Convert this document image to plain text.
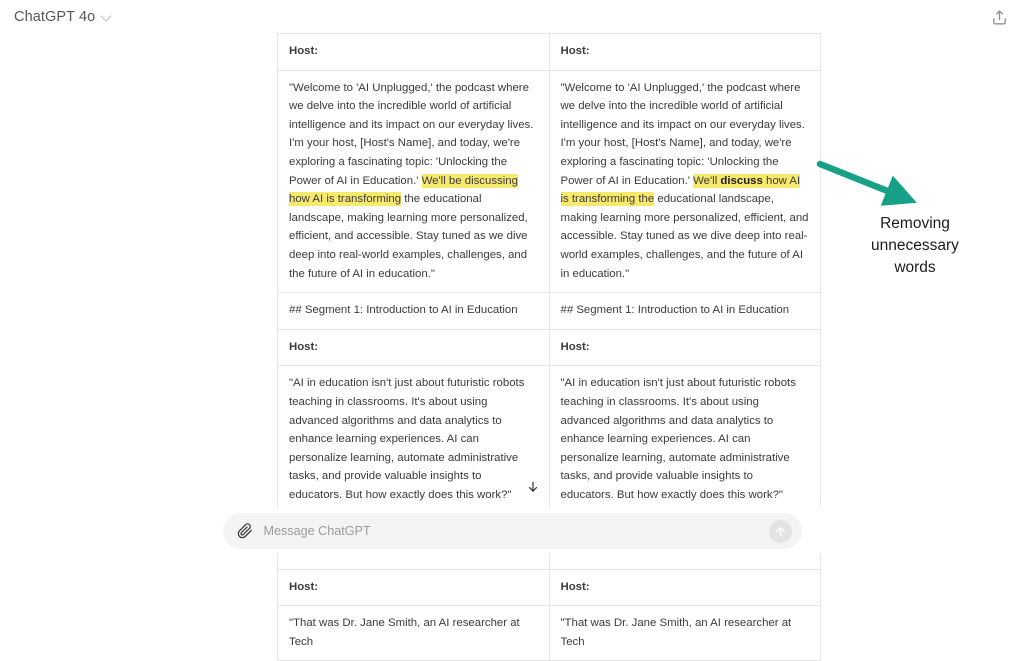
ChatGPT 4o
Host:	Host:
"Welcome to 'AI Unplugged,' the podcast where we delve into the incredible world of artificial intelligence and its impact on our everyday lives. I'm your host, [Host's Name], and today, we're exploring a fascinating topic: 'Unlocking the Power of AI in Education.' We'll be discussing how AI is transforming the educational landscape, making learning more personalized, efficient, and accessible. Stay tuned as we dive deep into real-world examples, challenges, and the future of AI in education."	"Welcome to 'AI Unplugged,' the podcast where we delve into the incredible world of artificial intelligence and its impact on our everyday lives. I'm your host, [Host's Name], and today, we're exploring a fascinating topic: 'Unlocking the Power of AI in Education.' We'll discuss how AI is transforming the educational landscape, making learning more personalized, efficient, and accessible. Stay tuned as we dive deep into real-world examples, challenges, and the future of AI in education."
## Segment 1: Introduction to AI in Education	## Segment 1: Introduction to AI in Education
Host:	Host:
"AI in education isn't just about futuristic robots teaching in classrooms. It's about using advanced algorithms and data analytics to enhance learning experiences. AI can personalize learning, automate administrative tasks, and provide valuable insights to educators. But how exactly does this work?"	"AI in education isn't just about futuristic robots teaching in classrooms. It's about using advanced algorithms and data analytics to enhance learning experiences. AI can personalize learning, automate administrative tasks, and provide valuable insights to educators. But how exactly does this work?"

Host:	Host:
"That was Dr. Jane Smith, an AI researcher at Tech	"That was Dr. Jane Smith, an AI researcher at Tech
Removing
unnecessary
words
Message ChatGPT
